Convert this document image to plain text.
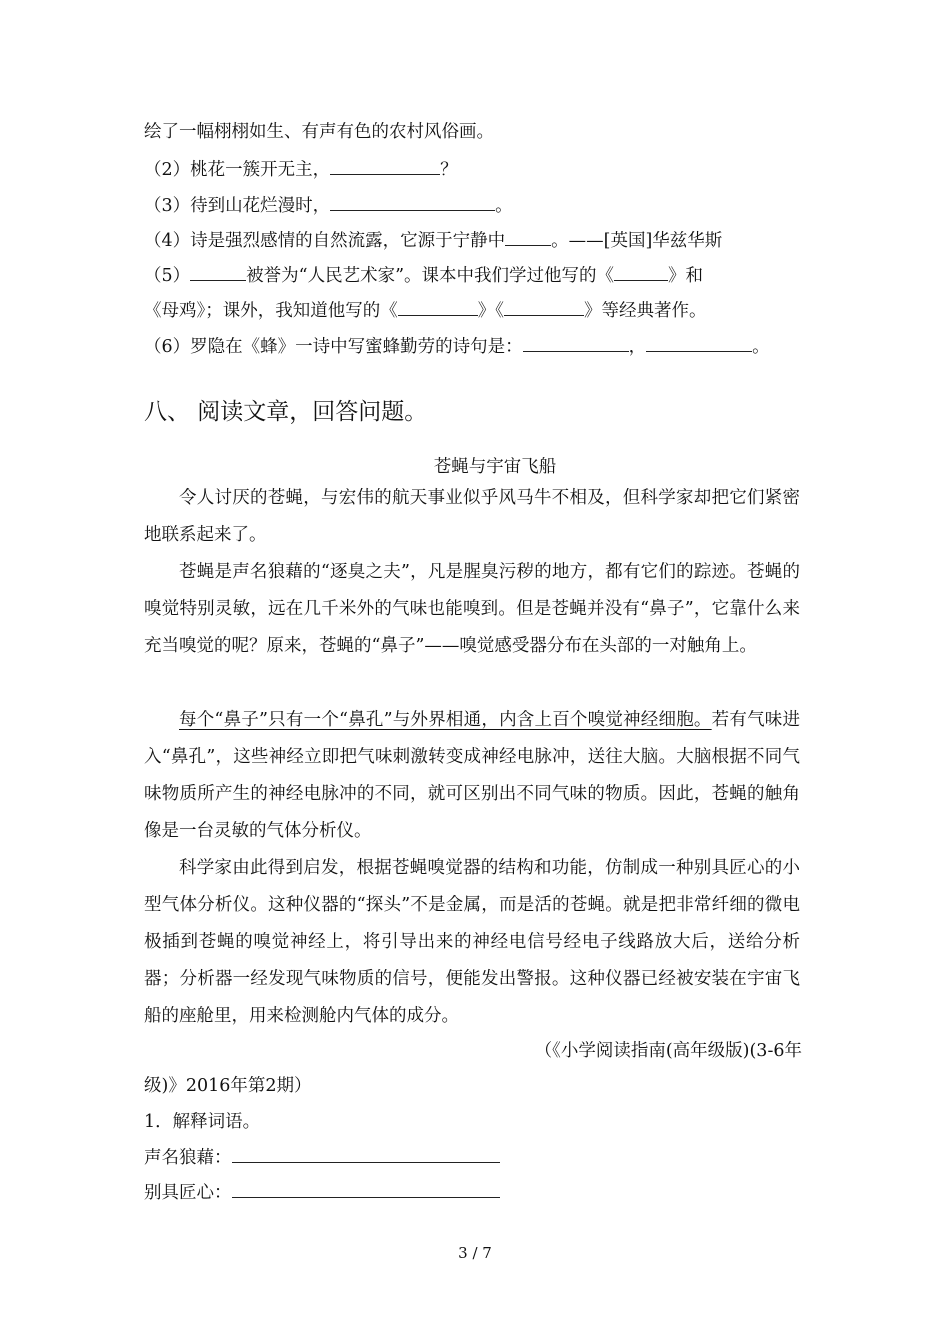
绘了一幅栩栩如生、有声有色的农村风俗画。
（2）桃花一簇开无主，	？
（3）待到山花烂漫时，	。
（4）诗是强烈感情的自然流露，它源于宁静中	。——[英国]华兹华斯
（5）	被誉为“人民艺术家”。课本中我们学过他写的《	》和
《母鸡》；课外，我知道他写的《	》《	》等经典著作。
（6）罗隐在《蜂》一诗中写蜜蜂勤劳的诗句是：	，	。
八、 阅读文章，回答问题。
苍蝇与宇宙飞船
令人讨厌的苍蝇，与宏伟的航天事业似乎风马牛不相及，但科学家却把它们紧密地联系起来了。
苍蝇是声名狼藉的“逐臭之夫”，凡是腥臭污秽的地方，都有它们的踪迹。苍蝇的嗅觉特别灵敏，远在几千米外的气味也能嗅到。但是苍蝇并没有“鼻子”，它靠什么来充当嗅觉的呢？原来，苍蝇的“鼻子”——嗅觉感受器分布在头部的一对触角上。
每个“鼻子”只有一个“鼻孔”与外界相通，内含上百个嗅觉神经细胞。若有气味进入“鼻孔”，这些神经立即把气味刺激转变成神经电脉冲，送往大脑。大脑根据不同气味物质所产生的神经电脉冲的不同，就可区别出不同气味的物质。因此，苍蝇的触角像是一台灵敏的气体分析仪。
科学家由此得到启发，根据苍蝇嗅觉器的结构和功能，仿制成一种别具匠心的小型气体分析仪。这种仪器的“探头”不是金属，而是活的苍蝇。就是把非常纤细的微电极插到苍蝇的嗅觉神经上，将引导出来的神经电信号经电子线路放大后，送给分析器；分析器一经发现气味物质的信号，便能发出警报。这种仪器已经被安装在宇宙飞船的座舱里，用来检测舱内气体的成分。
（《小学阅读指南(高年级版)(3-6年
级)》2016年第2期）
1．解释词语。
声名狼藉：
别具匠心：
3 / 7
